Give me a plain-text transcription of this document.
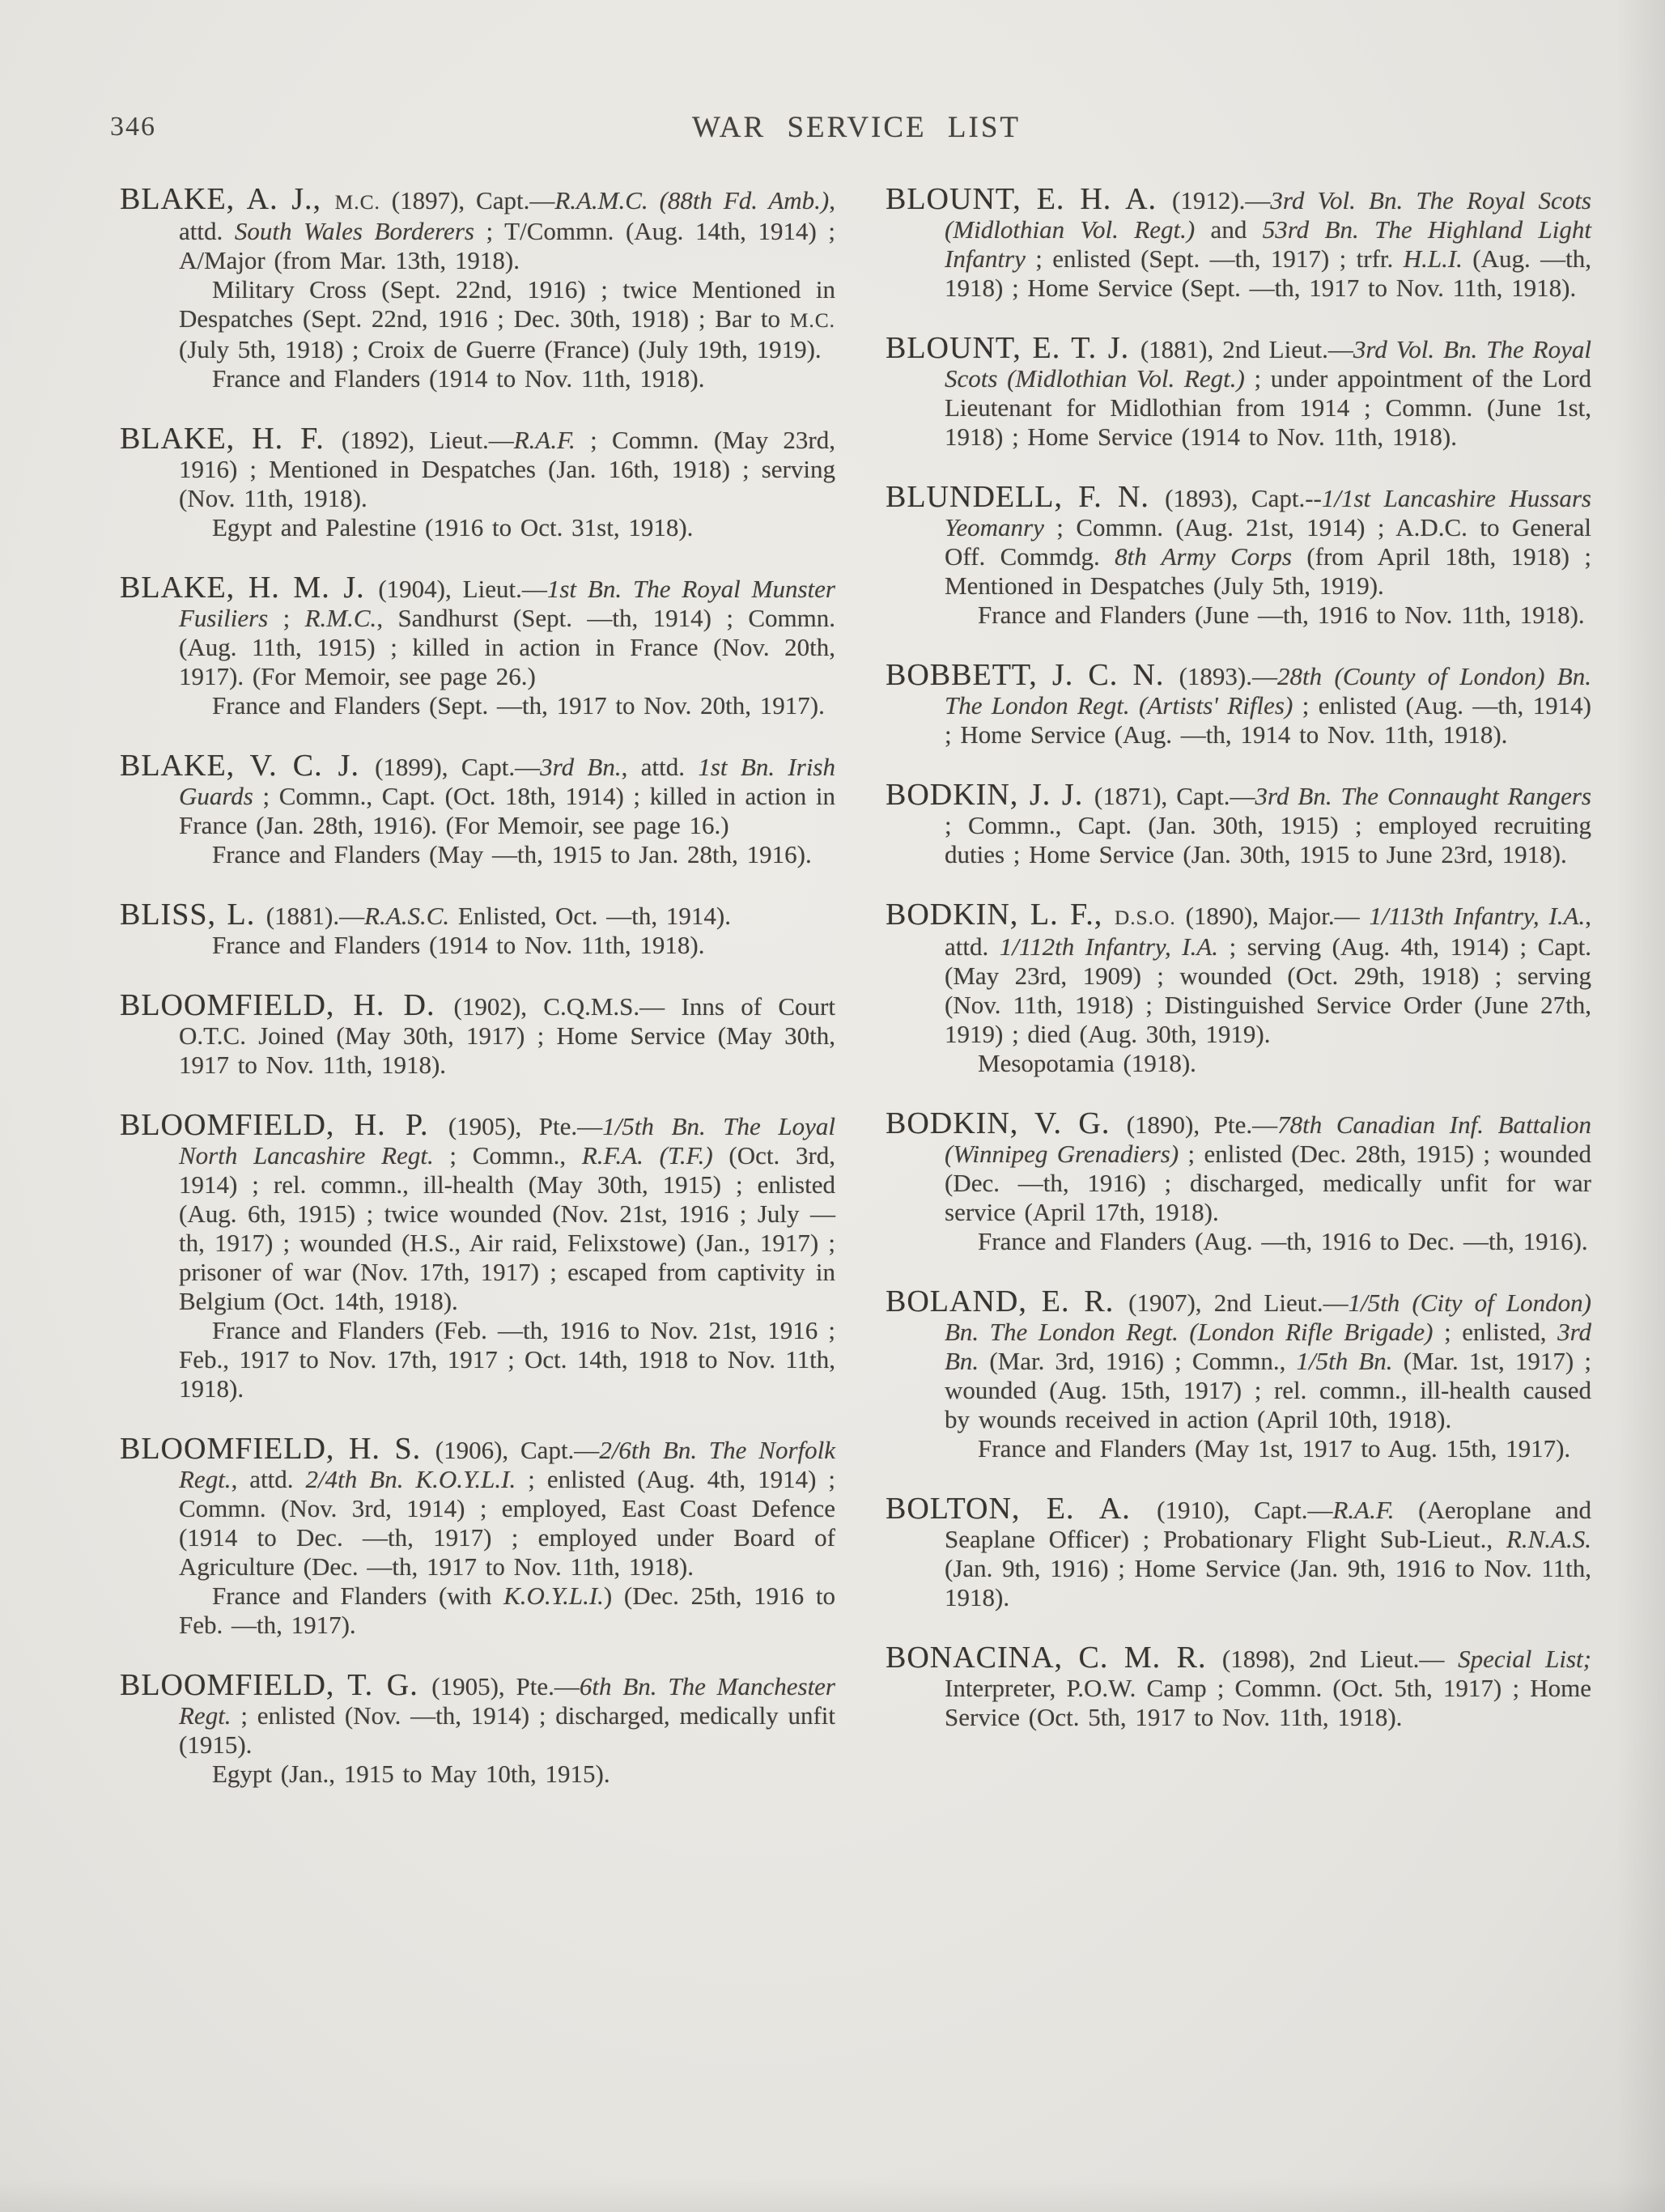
346	WAR SERVICE LIST

BLAKE, A. J., M.C. (1897), Capt.—R.A.M.C. (88th Fd. Amb.), attd. South Wales Borderers ; T/Commn. (Aug. 14th, 1914) ; A/Major (from Mar. 13th, 1918).

Military Cross (Sept. 22nd, 1916) ; twice Mentioned in Despatches (Sept. 22nd, 1916 ; Dec. 30th, 1918) ; Bar to M.C. (July 5th, 1918) ; Croix de Guerre (France) (July 19th, 1919).

France and Flanders (1914 to Nov. 11th, 1918).

BLAKE, H. F. (1892), Lieut.—R.A.F. ; Commn. (May 23rd, 1916) ; Mentioned in Despatches (Jan. 16th, 1918) ; serving (Nov. 11th, 1918).

Egypt and Palestine (1916 to Oct. 31st, 1918).

BLAKE, H. M. J. (1904), Lieut.—1st Bn. The Royal Munster Fusiliers ; R.M.C., Sandhurst (Sept. —th, 1914) ; Commn. (Aug. 11th, 1915) ; killed in action in France (Nov. 20th, 1917). (For Memoir, see page 26.)

France and Flanders (Sept. —th, 1917 to Nov. 20th, 1917).

BLAKE, V. C. J. (1899), Capt.—3rd Bn., attd. 1st Bn. Irish Guards ; Commn., Capt. (Oct. 18th, 1914) ; killed in action in France (Jan. 28th, 1916). (For Memoir, see page 16.)

France and Flanders (May —th, 1915 to Jan. 28th, 1916).

BLISS, L. (1881).—R.A.S.C. Enlisted, Oct. —th, 1914).

France and Flanders (1914 to Nov. 11th, 1918).

BLOOMFIELD, H. D. (1902), C.Q.M.S.— Inns of Court O.T.C. Joined (May 30th, 1917) ; Home Service (May 30th, 1917 to Nov. 11th, 1918).

BLOOMFIELD, H. P. (1905), Pte.—1/5th Bn. The Loyal North Lancashire Regt. ; Commn., R.F.A. (T.F.) (Oct. 3rd, 1914) ; rel. commn., ill-health (May 30th, 1915) ; enlisted (Aug. 6th, 1915) ; twice wounded (Nov. 21st, 1916 ; July —th, 1917) ; wounded (H.S., Air raid, Felixstowe) (Jan., 1917) ; prisoner of war (Nov. 17th, 1917) ; escaped from captivity in Belgium (Oct. 14th, 1918).

France and Flanders (Feb. —th, 1916 to Nov. 21st, 1916 ; Feb., 1917 to Nov. 17th, 1917 ; Oct. 14th, 1918 to Nov. 11th, 1918).

BLOOMFIELD, H. S. (1906), Capt.—2/6th Bn. The Norfolk Regt., attd. 2/4th Bn. K.O.Y.L.I. ; enlisted (Aug. 4th, 1914) ; Commn. (Nov. 3rd, 1914) ; employed, East Coast Defence (1914 to Dec. —th, 1917) ; employed under Board of Agriculture (Dec. —th, 1917 to Nov. 11th, 1918).

France and Flanders (with K.O.Y.L.I.) (Dec. 25th, 1916 to Feb. —th, 1917).

BLOOMFIELD, T. G. (1905), Pte.—6th Bn. The Manchester Regt. ; enlisted (Nov. —th, 1914) ; discharged, medically unfit (1915).

Egypt (Jan., 1915 to May 10th, 1915).

BLOUNT, E. H. A. (1912).—3rd Vol. Bn. The Royal Scots (Midlothian Vol. Regt.) and 53rd Bn. The Highland Light Infantry ; enlisted (Sept. —th, 1917) ; trfr. H.L.I. (Aug. —th, 1918) ; Home Service (Sept. —th, 1917 to Nov. 11th, 1918).

BLOUNT, E. T. J. (1881), 2nd Lieut.—3rd Vol. Bn. The Royal Scots (Midlothian Vol. Regt.) ; under appointment of the Lord Lieutenant for Midlothian from 1914 ; Commn. (June 1st, 1918) ; Home Service (1914 to Nov. 11th, 1918).

BLUNDELL, F. N. (1893), Capt.--1/1st Lancashire Hussars Yeomanry ; Commn. (Aug. 21st, 1914) ; A.D.C. to General Off. Commdg. 8th Army Corps (from April 18th, 1918) ; Mentioned in Despatches (July 5th, 1919).

France and Flanders (June —th, 1916 to Nov. 11th, 1918).

BOBBETT, J. C. N. (1893).—28th (County of London) Bn. The London Regt. (Artists' Rifles) ; enlisted (Aug. —th, 1914) ; Home Service (Aug. —th, 1914 to Nov. 11th, 1918).

BODKIN, J. J. (1871), Capt.—3rd Bn. The Connaught Rangers ; Commn., Capt. (Jan. 30th, 1915) ; employed recruiting duties ; Home Service (Jan. 30th, 1915 to June 23rd, 1918).

BODKIN, L. F., D.S.O. (1890), Major.— 1/113th Infantry, I.A., attd. 1/112th Infantry, I.A. ; serving (Aug. 4th, 1914) ; Capt. (May 23rd, 1909) ; wounded (Oct. 29th, 1918) ; serving (Nov. 11th, 1918) ; Distinguished Service Order (June 27th, 1919) ; died (Aug. 30th, 1919).

Mesopotamia (1918).

BODKIN, V. G. (1890), Pte.—78th Canadian Inf. Battalion (Winnipeg Grenadiers) ; enlisted (Dec. 28th, 1915) ; wounded (Dec. —th, 1916) ; discharged, medically unfit for war service (April 17th, 1918).

France and Flanders (Aug. —th, 1916 to Dec. —th, 1916).

BOLAND, E. R. (1907), 2nd Lieut.—1/5th (City of London) Bn. The London Regt. (London Rifle Brigade) ; enlisted, 3rd Bn. (Mar. 3rd, 1916) ; Commn., 1/5th Bn. (Mar. 1st, 1917) ; wounded (Aug. 15th, 1917) ; rel. commn., ill-health caused by wounds received in action (April 10th, 1918).

France and Flanders (May 1st, 1917 to Aug. 15th, 1917).

BOLTON, E. A. (1910), Capt.—R.A.F. (Aeroplane and Seaplane Officer) ; Probationary Flight Sub-Lieut., R.N.A.S. (Jan. 9th, 1916) ; Home Service (Jan. 9th, 1916 to Nov. 11th, 1918).

BONACINA, C. M. R. (1898), 2nd Lieut.— Special List; Interpreter, P.O.W. Camp ; Commn. (Oct. 5th, 1917) ; Home Service (Oct. 5th, 1917 to Nov. 11th, 1918).
